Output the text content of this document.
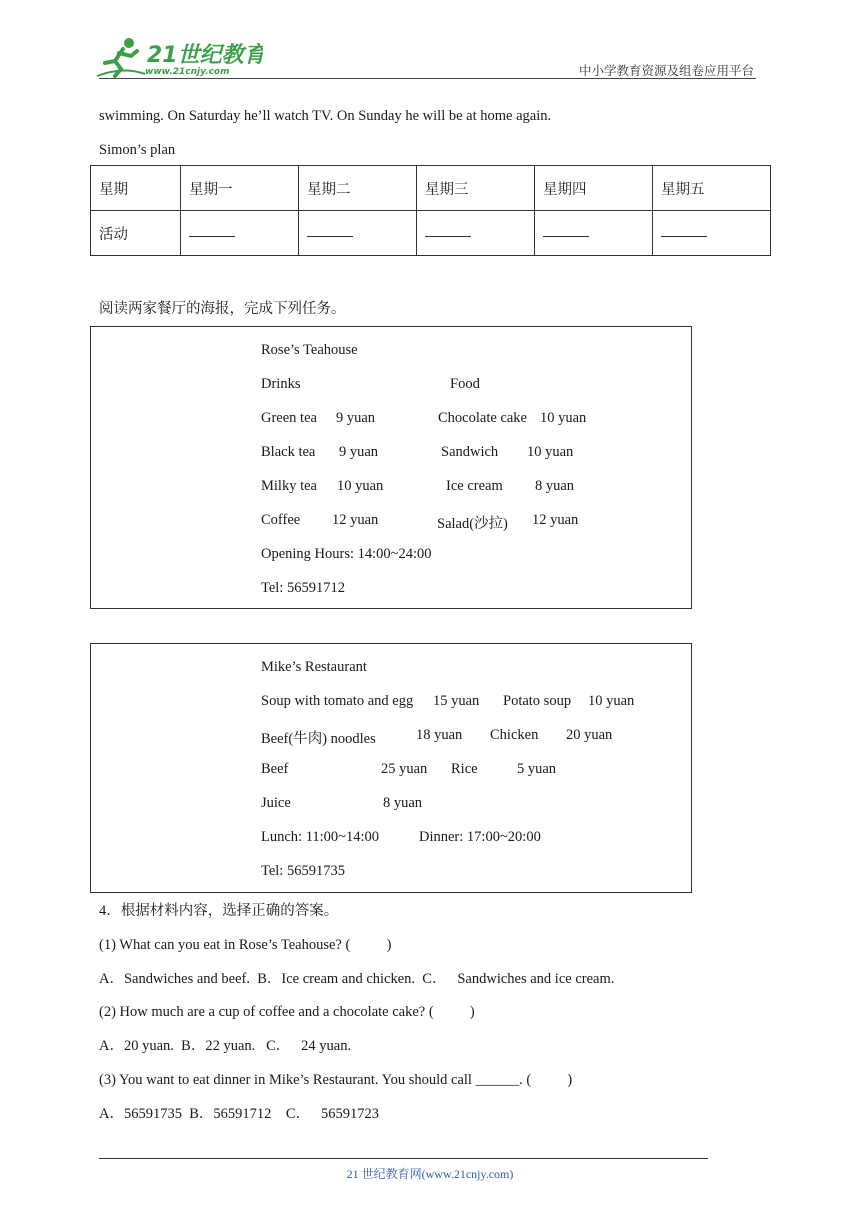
21世纪教育
www.21cnjy.com	中小学教育资源及组卷应用平台
swimming. On Saturday he’ll watch TV. On Sunday he will be at home again.
Simon’s plan
星期	星期一	星期二	星期三	星期四	星期五
活动					
阅读两家餐厅的海报，完成下列任务。
Rose’s Teahouse
Drinks	Food
Green tea 9 yuan	Chocolate cake 10 yuan
Black tea 9 yuan	Sandwich 10 yuan
Milky tea 10 yuan	Ice cream 8 yuan
Coffee 12 yuan	Salad(沙拉) 12 yuan
Opening Hours: 14:00~24:00
Tel: 56591712
Mike’s Restaurant
Soup with tomato and egg 15 yuan Potato soup 10 yuan
Beef(牛肉) noodles	18 yuan Chicken 20 yuan
Beef	25 yuan Rice	5 yuan
Juice	8 yuan
Lunch: 11:00~14:00	Dinner: 17:00~20:00
Tel: 56591735
4．根据材料内容，选择正确的答案。
(1) What can you eat in Rose’s Teahouse? (          )
A．Sandwiches and beef.  B．Ice cream and chicken.  C．   Sandwiches and ice cream.
(2) How much are a cup of coffee and a chocolate cake? (          )
A．20 yuan.  B．22 yuan.   C．   24 yuan.
(3) You want to eat dinner in Mike’s Restaurant. You should call ______. (          )
A．56591735  B．56591712    C．   56591723
21 世纪教育网(www.21cnjy.com)
